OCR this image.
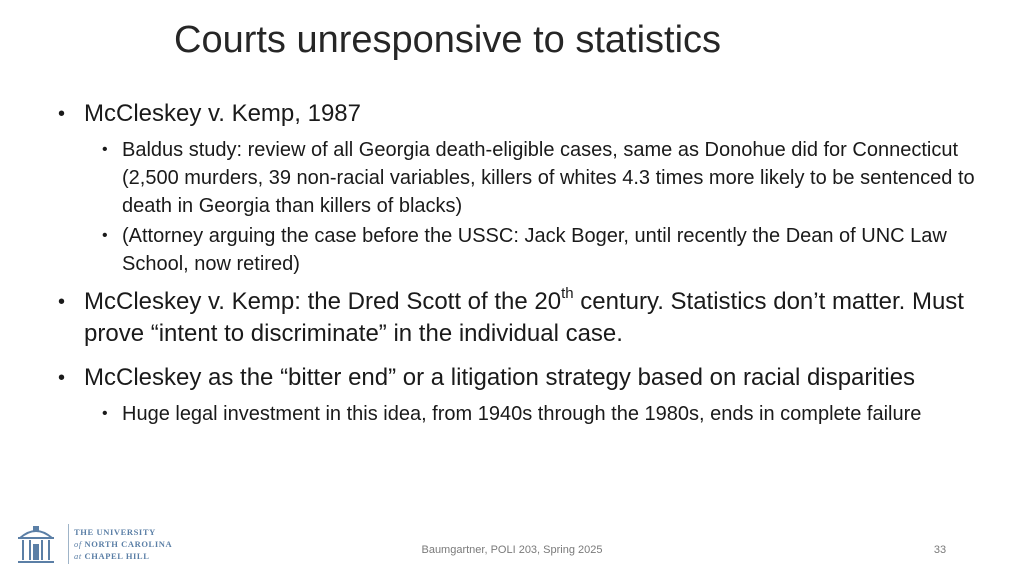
Courts unresponsive to statistics
• McCleskey v. Kemp, 1987
• Baldus study: review of all Georgia death-eligible cases, same as Donohue did for Connecticut (2,500 murders, 39 non-racial variables, killers of whites 4.3 times more likely to be sentenced to death in Georgia than killers of blacks)
• (Attorney arguing the case before the USSC: Jack Boger, until recently the Dean of UNC Law School, now retired)
• McCleskey v. Kemp: the Dred Scott of the 20th century. Statistics don’t matter. Must prove “intent to discriminate” in the individual case.
• McCleskey as the “bitter end” or a litigation strategy based on racial disparities
• Huge legal investment in this idea, from 1940s through the 1980s, ends in complete failure
THE UNIVERSITY
of NORTH CAROLINA
at CHAPEL HILL	Baumgartner, POLI 203, Spring 2025	33
